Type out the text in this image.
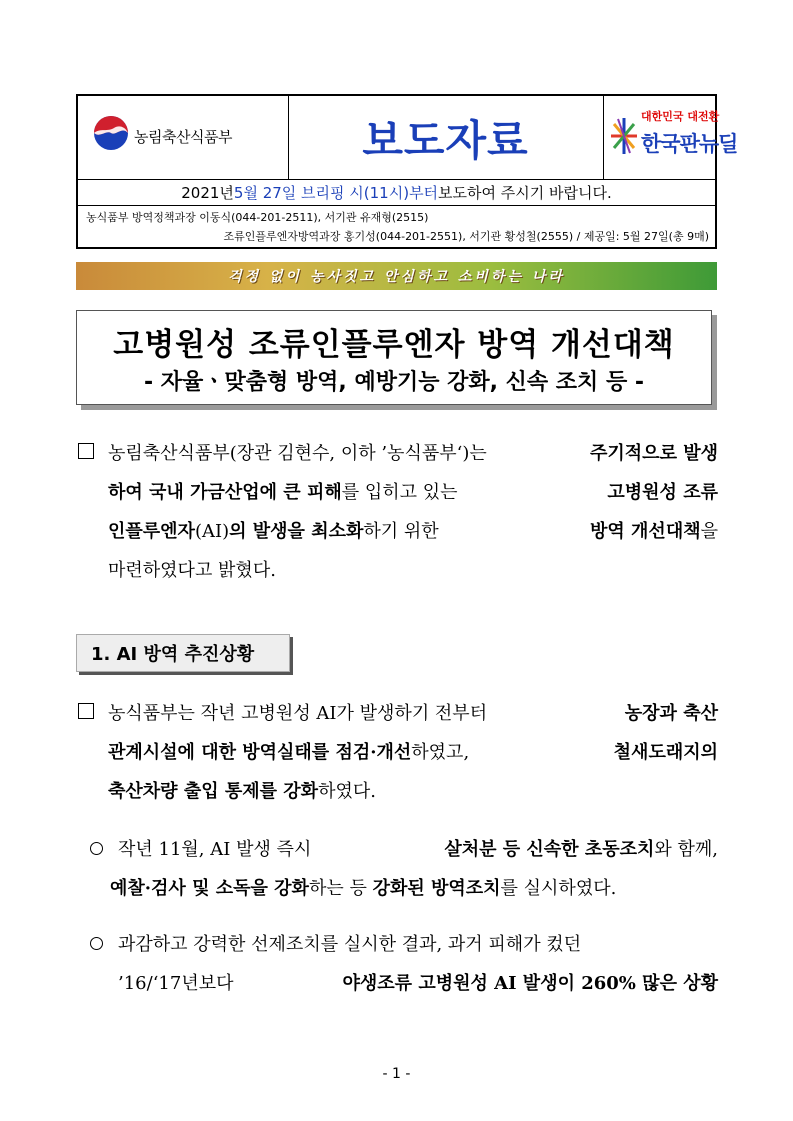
농림축산식품부	보도자료	대한민국 대전환
한국판뉴딜
2021년 5월 27일 브리핑 시(11시)부터 보도하여 주시기 바랍니다.
농식품부 방역정책과장 이동식(044-201-2511), 서기관 유재형(2515)
조류인플루엔자방역과장 홍기성(044-201-2551), 서기관 황성철(2555) / 제공일: 5월 27일(총 9매)
걱정 없이 농사짓고 안심하고 소비하는 나라
고병원성 조류인플루엔자 방역 개선대책
- 자율ㆍ맞춤형 방역, 예방기능 강화, 신속 조치 등 -
농림축산식품부(장관 김현수, 이하 ’농식품부‘)는	주기적으로 발생
하여 국내 가금산업에 큰 피해를 입히고 있는	고병원성 조류
인플루엔자(AI)의 발생을 최소화하기 위한	방역 개선대책을
마련하였다고 밝혔다.
1. AI 방역 추진상황
농식품부는 작년 고병원성 AI가 발생하기 전부터	농장과 축산
관계시설에 대한 방역실태를 점검·개선하였고,	철새도래지의
축산차량 출입 통제를 강화하였다.
작년 11월, AI 발생 즉시	살처분 등 신속한 초동조치와 함께,
예찰·검사 및 소독을 강화하는 등 강화된 방역조치를 실시하였다.
과감하고 강력한 선제조치를 실시한 결과, 과거 피해가 컸던
’16/‘17년보다	야생조류 고병원성 AI 발생이 260% 많은 상황
- 1 -
